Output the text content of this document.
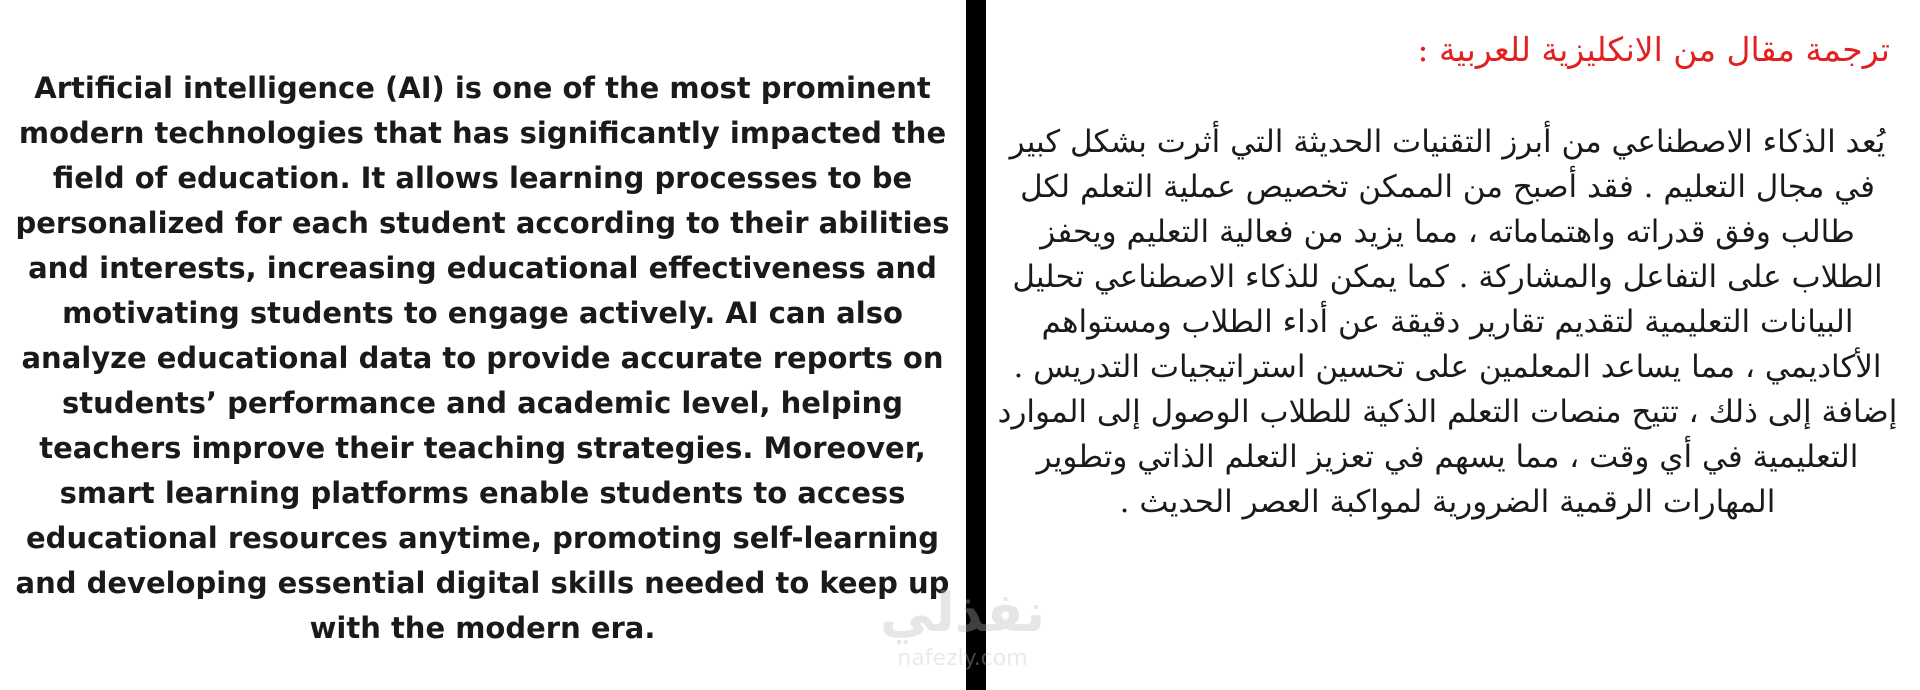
Artificial intelligence (AI) is one of the most prominent modern technologies that has significantly impacted the field of education. It allows learning processes to be personalized for each student according to their abilities and interests, increasing educational effectiveness and motivating students to engage actively. AI can also analyze educational data to provide accurate reports on students’ performance and academic level, helping teachers improve their teaching strategies. Moreover, smart learning platforms enable students to access educational resources anytime, promoting self-learning and developing essential digital skills needed to keep up with the modern era.

ترجمة مقال من الانكليزية للعربية :

يُعد الذكاء الاصطناعي من أبرز التقنيات الحديثة التي أثرت بشكل كبير في مجال التعليم . فقد أصبح من الممكن تخصيص عملية التعلم لكل طالب وفق قدراته واهتماماته ، مما يزيد من فعالية التعليم ويحفز الطلاب على التفاعل والمشاركة . كما يمكن للذكاء الاصطناعي تحليل البيانات التعليمية لتقديم تقارير دقيقة عن أداء الطلاب ومستواهم الأكاديمي ، مما يساعد المعلمين على تحسين استراتيجيات التدريس . إضافة إلى ذلك ، تتيح منصات التعلم الذكية للطلاب الوصول إلى الموارد التعليمية في أي وقت ، مما يسهم في تعزيز التعلم الذاتي وتطوير المهارات الرقمية الضرورية لمواكبة العصر الحديث .

نفذلي
nafezly.com
